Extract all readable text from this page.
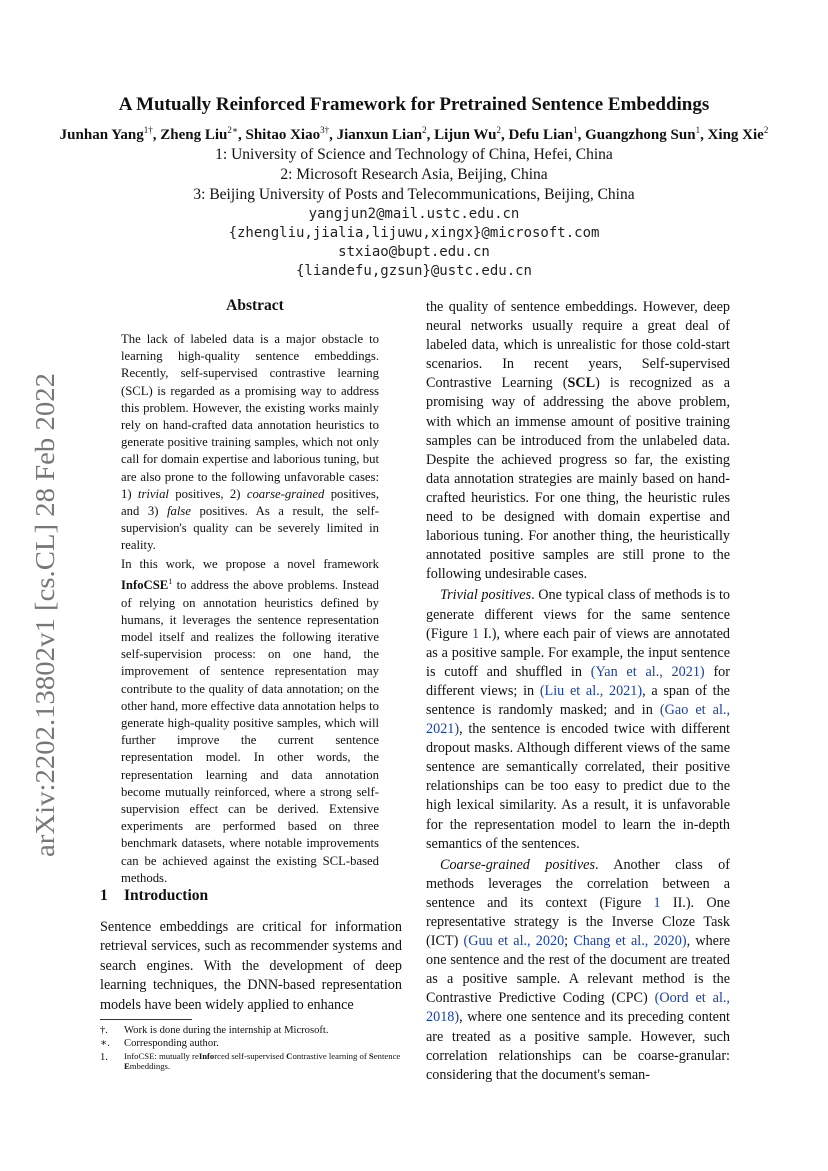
A Mutually Reinforced Framework for Pretrained Sentence Embeddings
Junhan Yang$^{1\dagger}$, Zheng Liu$^{2∗}$, Shitao Xiao$^{3\dagger}$, Jianxun Lian$^2$, Lijun Wu$^2$, Defu Lian$^1$, Guangzhong Sun$^1$, Xing Xie$^2$
1: University of Science and Technology of China, Hefei, China
2: Microsoft Research Asia, Beijing, China
3: Beijing University of Posts and Telecommunications, Beijing, China
yangjun2@mail.ustc.edu.cn
{zhengliu,jialia,lijuwu,xingx}@microsoft.com
stxiao@bupt.edu.cn
{liandefu,gzsun}@ustc.edu.cn
arXiv:2202.13802v1 [cs.CL] 28 Feb 2022
Abstract

The lack of labeled data is a major obstacle to learning high-quality sentence embeddings. Recently, self-supervised contrastive learning (SCL) is regarded as a promising way to address this problem. However, the existing works mainly rely on hand-crafted data annotation heuristics to generate positive training samples, which not only call for domain expertise and laborious tuning, but are also prone to the following unfavorable cases: 1) trivial positives, 2) coarse-grained positives, and 3) false positives. As a result, the self-supervision's quality can be severely limited in reality.

In this work, we propose a novel framework InfoCSE$^1$ to address the above problems. Instead of relying on annotation heuristics defined by humans, it leverages the sentence representation model itself and realizes the following iterative self-supervision process: on one hand, the improvement of sentence representation may contribute to the quality of data annotation; on the other hand, more effective data annotation helps to generate high-quality positive samples, which will further improve the current sentence representation model. In other words, the representation learning and data annotation become mutually reinforced, where a strong self-supervision effect can be derived. Extensive experiments are performed based on three benchmark datasets, where notable improvements can be achieved against the existing SCL-based methods.

1 Introduction
Sentence embeddings are critical for information retrieval services, such as recommender systems and search engines. With the development of deep learning techniques, the DNN-based representation models have been widely applied to enhance
†.	Work is done during the internship at Microsoft.
∗.	Corresponding author.
1.	InfoCSE: mutually reInforced self-supervised Contrastive learning of Sentence Embeddings.

the quality of sentence embeddings. However, deep neural networks usually require a great deal of labeled data, which is unrealistic for those cold-start scenarios. In recent years, Self-supervised Contrastive Learning (SCL) is recognized as a promising way of addressing the above problem, with which an immense amount of positive training samples can be introduced from the unlabeled data. Despite the achieved progress so far, the existing data annotation strategies are mainly based on hand-crafted heuristics. For one thing, the heuristic rules need to be designed with domain expertise and laborious tuning. For another thing, the heuristically annotated positive samples are still prone to the following undesirable cases.

Trivial positives. One typical class of methods is to generate different views for the same sentence (Figure 1 I.), where each pair of views are annotated as a positive sample. For example, the input sentence is cutoff and shuffled in (Yan et al., 2021) for different views; in (Liu et al., 2021), a span of the sentence is randomly masked; and in (Gao et al., 2021), the sentence is encoded twice with different dropout masks. Although different views of the same sentence are semantically correlated, their positive relationships can be too easy to predict due to the high lexical similarity. As a result, it is unfavorable for the representation model to learn the in-depth semantics of the sentences.

Coarse-grained positives. Another class of methods leverages the correlation between a sentence and its context (Figure 1 II.). One representative strategy is the Inverse Cloze Task (ICT) (Guu et al., 2020; Chang et al., 2020), where one sentence and the rest of the document are treated as a positive sample. A relevant method is the Contrastive Predictive Coding (CPC) (Oord et al., 2018), where one sentence and its preceding content are treated as a positive sample. However, such correlation relationships can be coarse-granular: considering that the document's seman-
